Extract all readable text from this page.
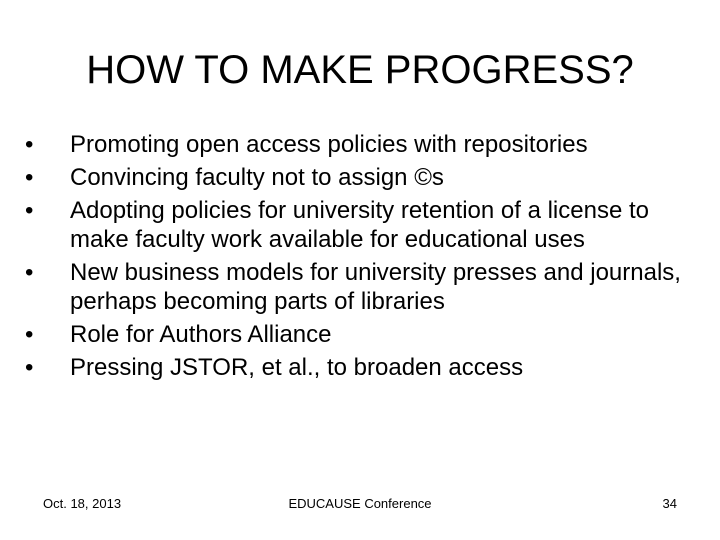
HOW TO MAKE PROGRESS?
•	Promoting open access policies with repositories
•	Convincing faculty not to assign ©s
•	Adopting policies for university retention of a license to make faculty work available for educational uses
•	New business models for university presses and journals, perhaps becoming parts of libraries
•	Role for Authors Alliance
•	Pressing JSTOR, et al., to broaden access
Oct. 18, 2013	EDUCAUSE Conference	34
